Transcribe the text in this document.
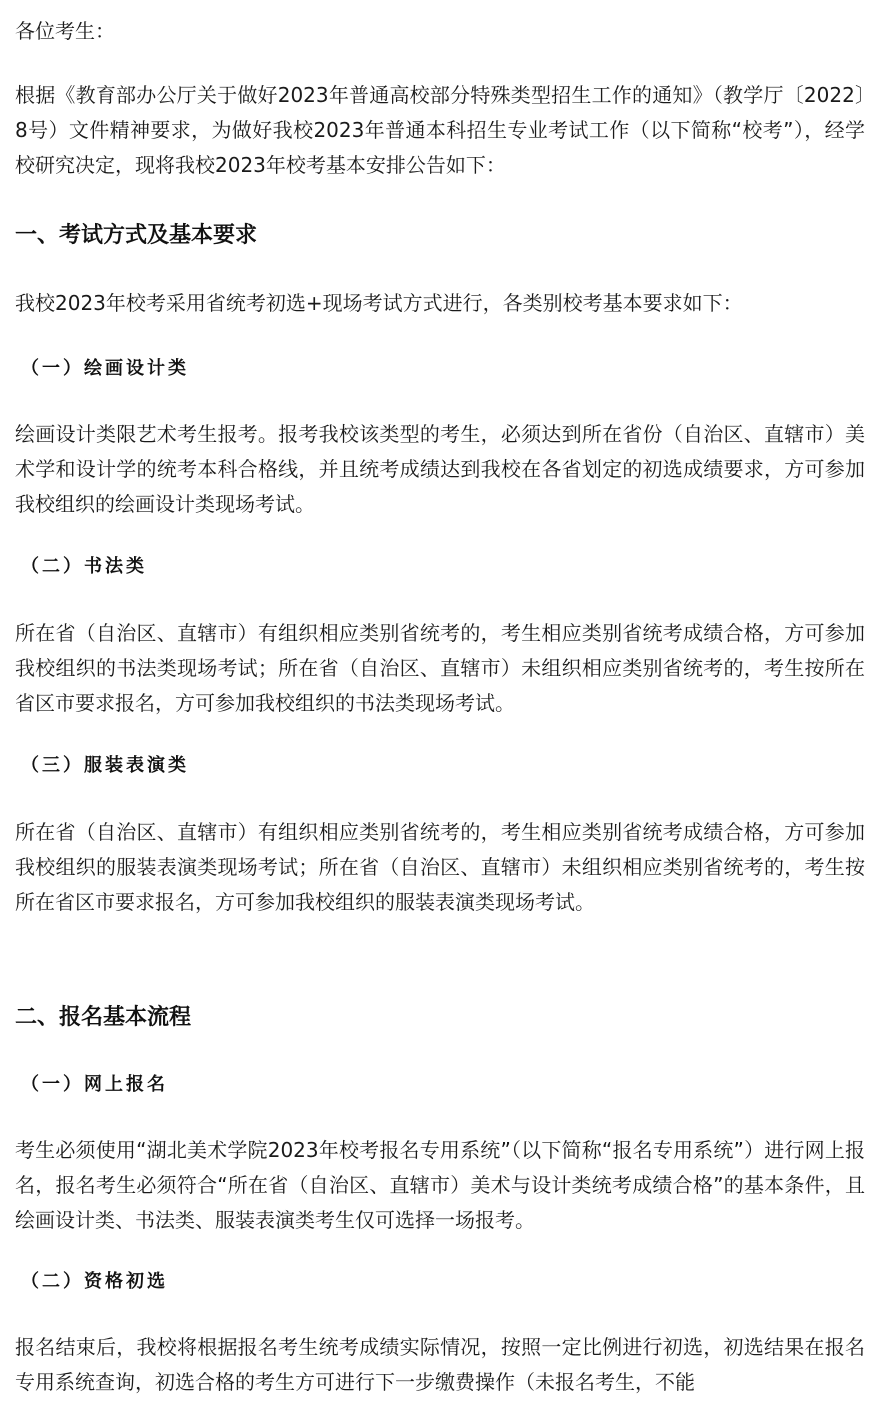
各位考生：

根据《教育部办公厅关于做好2023年普通高校部分特殊类型招生工作的通知》（教学厅〔2022〕8号）文件精神要求，为做好我校2023年普通本科招生专业考试工作（以下简称“校考”），经学校研究决定，现将我校2023年校考基本安排公告如下：

一、考试方式及基本要求

我校2023年校考采用省统考初选+现场考试方式进行，各类别校考基本要求如下：

（一）绘画设计类

绘画设计类限艺术考生报考。报考我校该类型的考生，必须达到所在省份（自治区、直辖市）美术学和设计学的统考本科合格线，并且统考成绩达到我校在各省划定的初选成绩要求，方可参加我校组织的绘画设计类现场考试。

（二）书法类

所在省（自治区、直辖市）有组织相应类别省统考的，考生相应类别省统考成绩合格，方可参加我校组织的书法类现场考试；所在省（自治区、直辖市）未组织相应类别省统考的，考生按所在省区市要求报名，方可参加我校组织的书法类现场考试。

（三）服装表演类

所在省（自治区、直辖市）有组织相应类别省统考的，考生相应类别省统考成绩合格，方可参加我校组织的服装表演类现场考试；所在省（自治区、直辖市）未组织相应类别省统考的，考生按所在省区市要求报名，方可参加我校组织的服装表演类现场考试。

二、报名基本流程
（一）网上报名

考生必须使用“湖北美术学院2023年校考报名专用系统”（以下简称“报名专用系统”）进行网上报名，报名考生必须符合“所在省（自治区、直辖市）美术与设计类统考成绩合格”的基本条件，且绘画设计类、书法类、服装表演类考生仅可选择一场报考。

（二）资格初选

报名结束后，我校将根据报名考生统考成绩实际情况，按照一定比例进行初选，初选结果在报名专用系统查询，初选合格的考生方可进行下一步缴费操作（未报名考生，不能
